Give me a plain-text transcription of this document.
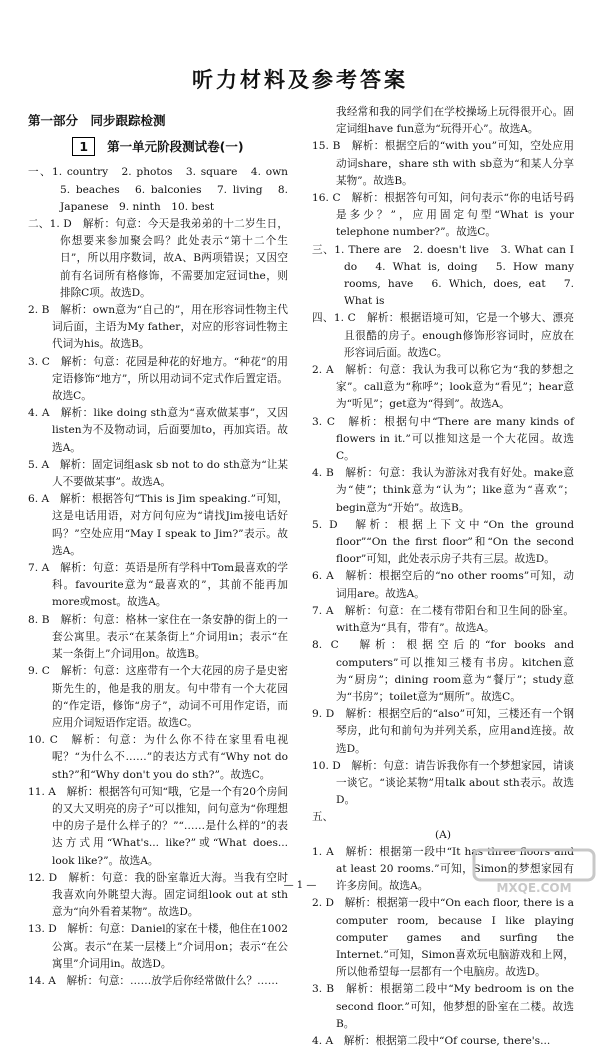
听力材料及参考答案
第一部分　同步跟踪检测
1 第一单元阶段测试卷(一)

一、1. country　2. photos　3. square　4. own　5. beaches　6. balconies　7. living　8. Japanese　9. ninth　10. best

二、1. D　解析：句意：今天是我弟弟的十二岁生日，你想要来参加聚会吗？此处表示“第十二个生日”，所以用序数词，故A、B两项错误；又因空前有名词所有格修饰，不需要加定冠词the，则排除C项。故选D。

2. B　解析：own意为“自己的”，用在形容词性物主代词后面，主语为My father，对应的形容词性物主代词为his。故选B。

3. C　解析：句意：花园是种花的好地方。“种花”的用定语修饰“地方”，所以用动词不定式作后置定语。故选C。

4. A　解析：like doing sth意为“喜欢做某事”，又因listen为不及物动词，后面要加to，再加宾语。故选A。

5. A　解析：固定词组ask sb not to do sth意为“让某人不要做某事”。故选A。

6. A　解析：根据答句“This is Jim speaking.”可知，这是电话用语，对方问句应为“请找Jim接电话好吗？”空处应用“May I speak to Jim?”表示。故选A。

7. A　解析：句意：英语是所有学科中Tom最喜欢的学科。favourite意为“最喜欢的”，其前不能再加more或most。故选A。

8. B　解析：句意：格林一家住在一条安静的街上的一套公寓里。表示“在某条街上”介词用in；表示“在某一条街上”介词用on。故选B。

9. C　解析：句意：这座带有一个大花园的房子是史密斯先生的，他是我的朋友。句中带有一个大花园的“作定语，修饰“房子”，动词不可用作定语，而应用介词短语作定语。故选C。

10. C　解析：句意：为什么你不待在家里看电视呢？“为什么不……”的表达方式有“Why not do sth?”和“Why don't you do sth?”。故选C。

11. A　解析：根据答句可知“哦，它是一个有20个房间的又大又明亮的房子”可以推知，问句意为“你理想中的房子是什么样子的？”“……是什么样的”的表达方式用“What's... like?”或“What does... look like?”。故选A。

12. D　解析：句意：我的卧室靠近大海。当我有空时我喜欢向外眺望大海。固定词组look out at sth意为“向外看着某物”。故选D。

13. D　解析：句意：Daniel的家在十楼，他住在1002公寓。表示“在某一层楼上”介词用on；表示“在公寓里”介词用in。故选D。

14. A　解析：句意：……放学后你经常做什么？……

我经常和我的同学们在学校操场上玩得很开心。固定词组have fun意为“玩得开心”。故选A。

15. B　解析：根据空后的“with you”可知，空处应用动词share，share sth with sb意为“和某人分享某物”。故选B。

16. C　解析：根据答句可知，问句表示“你的电话号码是多少？”，应用固定句型“What is your telephone number?”。故选C。

三、1. There are　2. doesn't live　3. What can I do　4. What is, doing　5. How many rooms, have　6. Which, does, eat　7. What is

四、1. C　解析：根据语境可知，它是一个够大、漂亮且很酷的房子。enough修饰形容词时，应放在形容词后面。故选C。

2. A　解析：句意：我认为我可以称它为“我的梦想之家”。call意为“称呼”；look意为“看见”；hear意为“听见”；get意为“得到”。故选A。

3. C　解析：根据句中“There are many kinds of flowers in it.”可以推知这是一个大花园。故选C。

4. B　解析：句意：我认为游泳对我有好处。make意为“使”；think意为“认为”；like意为“喜欢”；begin意为“开始”。故选B。

5. D　解析：根据上下文中“On the ground floor”“On the first floor”和“On the second floor”可知，此处表示房子共有三层。故选D。

6. A　解析：根据空后的“no other rooms”可知，动词用are。故选A。

7. A　解析：句意：在二楼有带阳台和卫生间的卧室。with意为“具有，带有”。故选A。

8. C　解析：根据空后的“for books and computers”可以推知三楼有书房。kitchen意为“厨房”；dining room意为“餐厅”；study意为“书房”；toilet意为“厕所”。故选C。

9. D　解析：根据空后的“also”可知，三楼还有一个钢琴房，此句和前句为并列关系，应用and连接。故选D。

10. D　解析：句意：请告诉我你有一个梦想家园，请谈一谈它。“谈论某物”用talk about sth表示。故选D。

五、

(A)

1. A　解析：根据第一段中“It has three floors and at least 20 rooms.”可知，Simon的梦想家园有许多房间。故选A。

2. D　解析：根据第一段中“On each floor, there is a computer room, because I like playing computer games and surfing the Internet.”可知，Simon喜欢玩电脑游戏和上网，所以他希望每一层都有一个电脑房。故选D。

3. B　解析：根据第二段中“My bedroom is on the second floor.”可知，他梦想的卧室在二楼。故选B。

4. A　解析：根据第二段中“Of course, there's...

— 1 —	MXQE.COM
